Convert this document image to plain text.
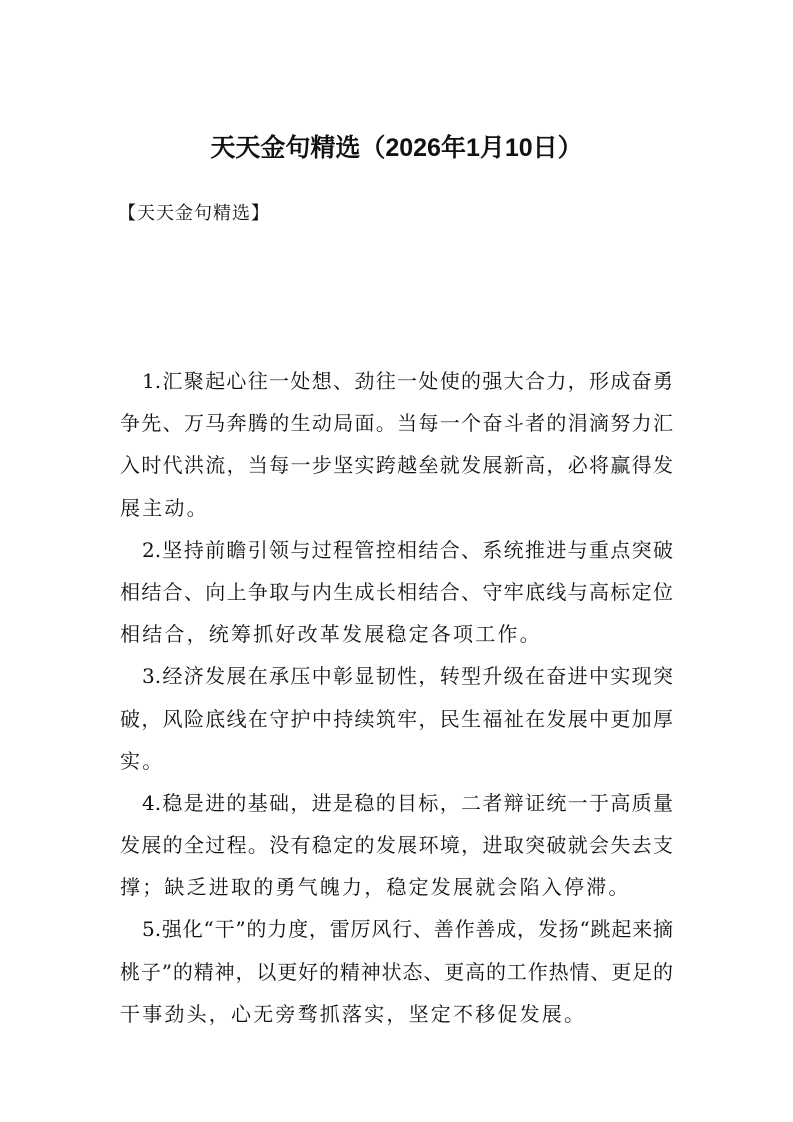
天天金句精选（2026年1月10日）
【天天金句精选】
1.汇聚起心往一处想、劲往一处使的强大合力，形成奋勇
争先、万马奔腾的生动局面。当每一个奋斗者的涓滴努力汇
入时代洪流，当每一步坚实跨越垒就发展新高，必将赢得发
展主动。
2.坚持前瞻引领与过程管控相结合、系统推进与重点突破
相结合、向上争取与内生成长相结合、守牢底线与高标定位
相结合，统筹抓好改革发展稳定各项工作。
3.经济发展在承压中彰显韧性，转型升级在奋进中实现突
破，风险底线在守护中持续筑牢，民生福祉在发展中更加厚
实。
4.稳是进的基础，进是稳的目标，二者辩证统一于高质量
发展的全过程。没有稳定的发展环境，进取突破就会失去支
撑；缺乏进取的勇气魄力，稳定发展就会陷入停滞。
5.强化“干”的力度，雷厉风行、善作善成，发扬“跳起来摘
桃子”的精神，以更好的精神状态、更高的工作热情、更足的
干事劲头，心无旁骛抓落实，坚定不移促发展。
